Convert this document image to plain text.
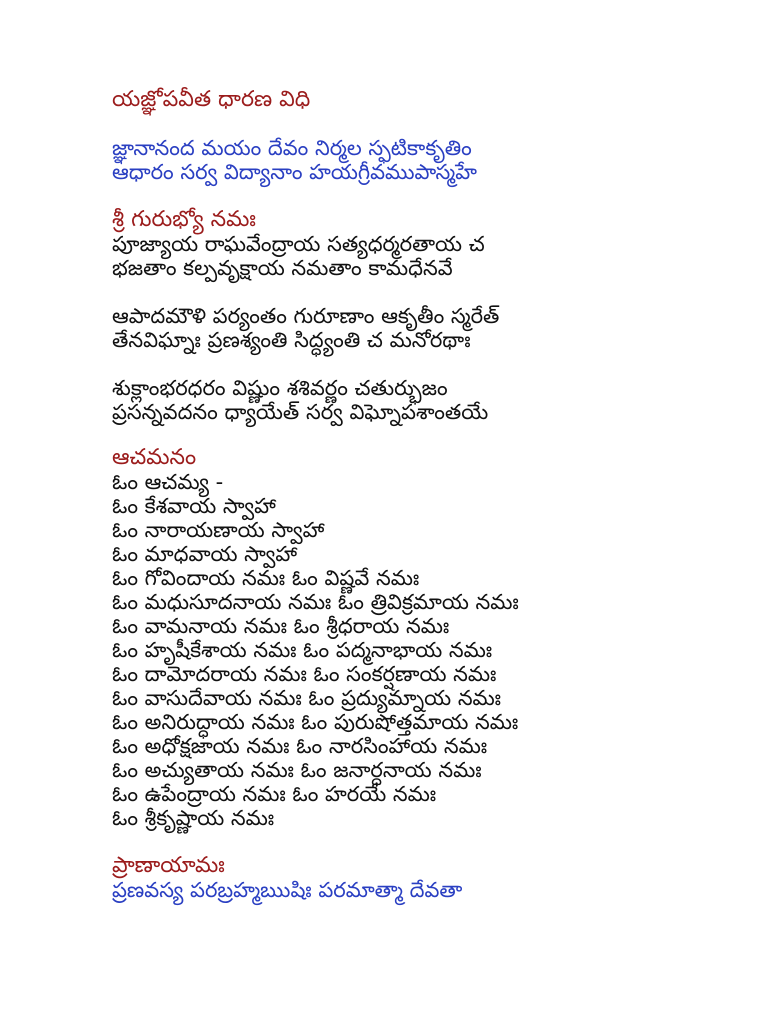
యజ్ఞోపవీత ధారణ విధి

జ్ఞానానంద మయం దేవం నిర్మల స్ఫటికాకృతిం

ఆధారం సర్వ విద్యానాం హయగ్రీవముపాస్మహే

శ్రీ గురుభ్యో నమః

పూజ్యాయ రాఘవేంద్రాయ సత్యధర్మరతాయ చ

భజతాం కల్పవృక్షాయ నమతాం కామధేనవే

ఆపాదమౌళి పర్యంతం గురూణాం ఆకృతీం స్మరేత్

తేనవిఘ్నాః ప్రణశ్యంతి సిద్ధ్యంతి చ మనోరథాః

శుక్లాంభరధరం విష్ణుం శశివర్ణం చతుర్భుజం

ప్రసన్నవదనం ధ్యాయేత్ సర్వ విఘ్నోపశాంతయే

ఆచమనం

ఓం ఆచమ్య -

ఓం కేశవాయ స్వాహా

ఓం నారాయణాయ స్వాహా

ఓం మాధవాయ స్వాహా

ఓం గోవిందాయ నమః ఓం విష్ణవే నమః

ఓం మధుసూదనాయ నమః ఓం త్రివిక్రమాయ నమః

ఓం వామనాయ నమః ఓం శ్రీధరాయ నమః

ఓం హృషీకేశాయ నమః ఓం పద్మనాభాయ నమః

ఓం దామోదరాయ నమః ఓం సంకర్షణాయ నమః

ఓం వాసుదేవాయ నమః ఓం ప్రద్యుమ్నాయ నమః

ఓం అనిరుద్ధాయ నమః ఓం పురుషోత్తమాయ నమః

ఓం అధోక్షజాయ నమః ఓం నారసింహాయ నమః

ఓం అచ్యుతాయ నమః ఓం జనార్ధనాయ నమః

ఓం ఉపేంద్రాయ నమః ఓం హరయే నమః

ఓం శ్రీకృష్ణాయ నమః

ప్రాణాయామః

ప్రణవస్య పరబ్రహ్మఋషిః పరమాత్మా దేవతా
